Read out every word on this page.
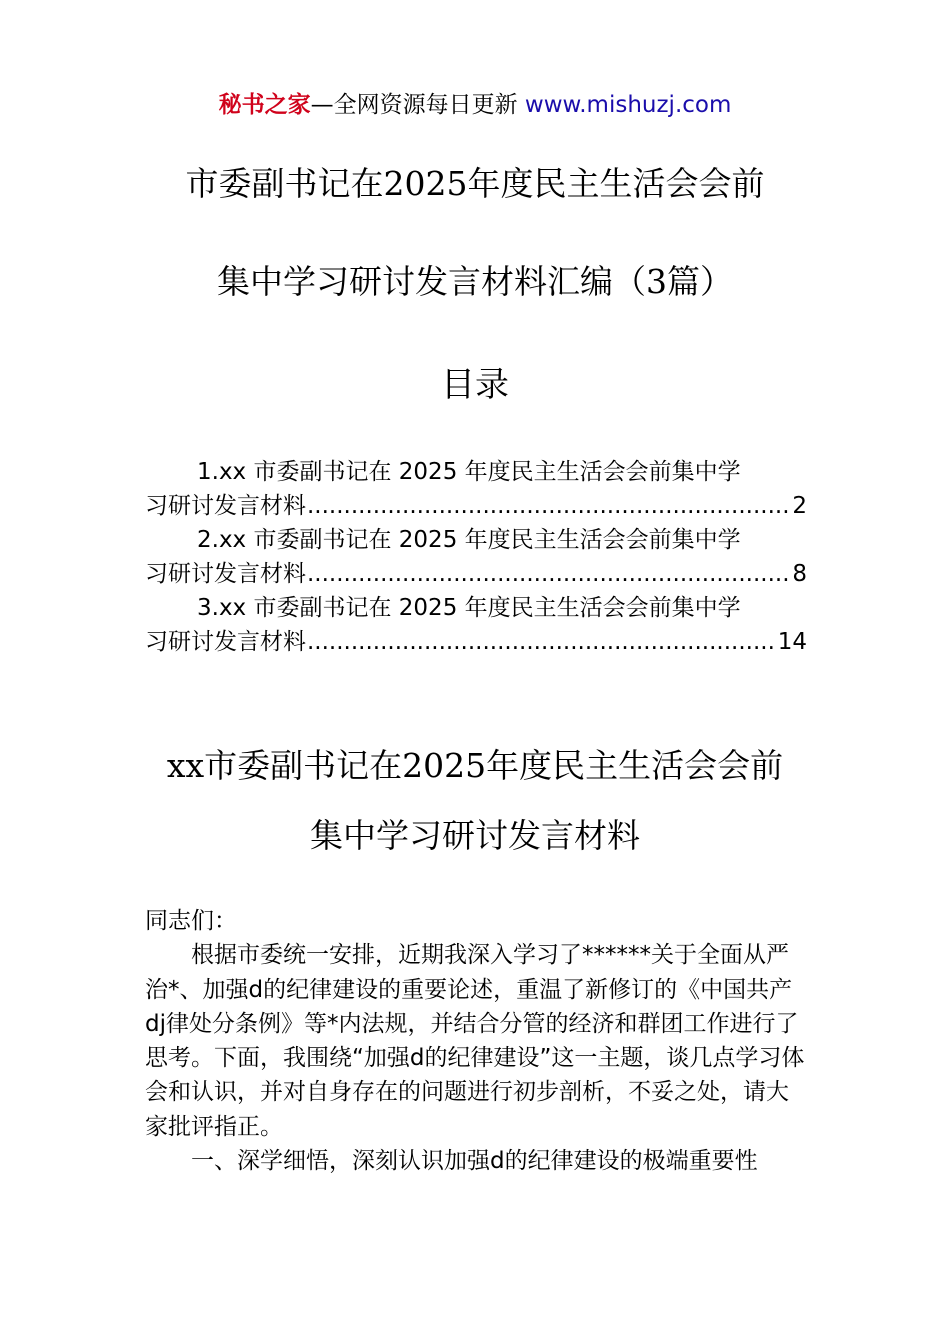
秘书之家—全网资源每日更新 www.mishuzj.com
市委副书记在2025年度民主生活会会前
集中学习研讨发言材料汇编（3篇）
目录
1.xx 市委副书记在 2025 年度民主生活会会前集中学
习研讨发言材料 .....	2
2.xx 市委副书记在 2025 年度民主生活会会前集中学
习研讨发言材料 .....	8
3.xx 市委副书记在 2025 年度民主生活会会前集中学
习研讨发言材料 .....	14
xx市委副书记在2025年度民主生活会会前
集中学习研讨发言材料

同志们：

根据市委统一安排，近期我深入学习了******关于全面从严治*、加强d的纪律建设的重要论述，重温了新修订的《中国共产dj律处分条例》等*内法规，并结合分管的经济和群团工作进行了思考。下面，我围绕“加强d的纪律建设”这一主题，谈几点学习体会和认识，并对自身存在的问题进行初步剖析，不妥之处，请大家批评指正。

一、深学细悟，深刻认识加强d的纪律建设的极端重要性
